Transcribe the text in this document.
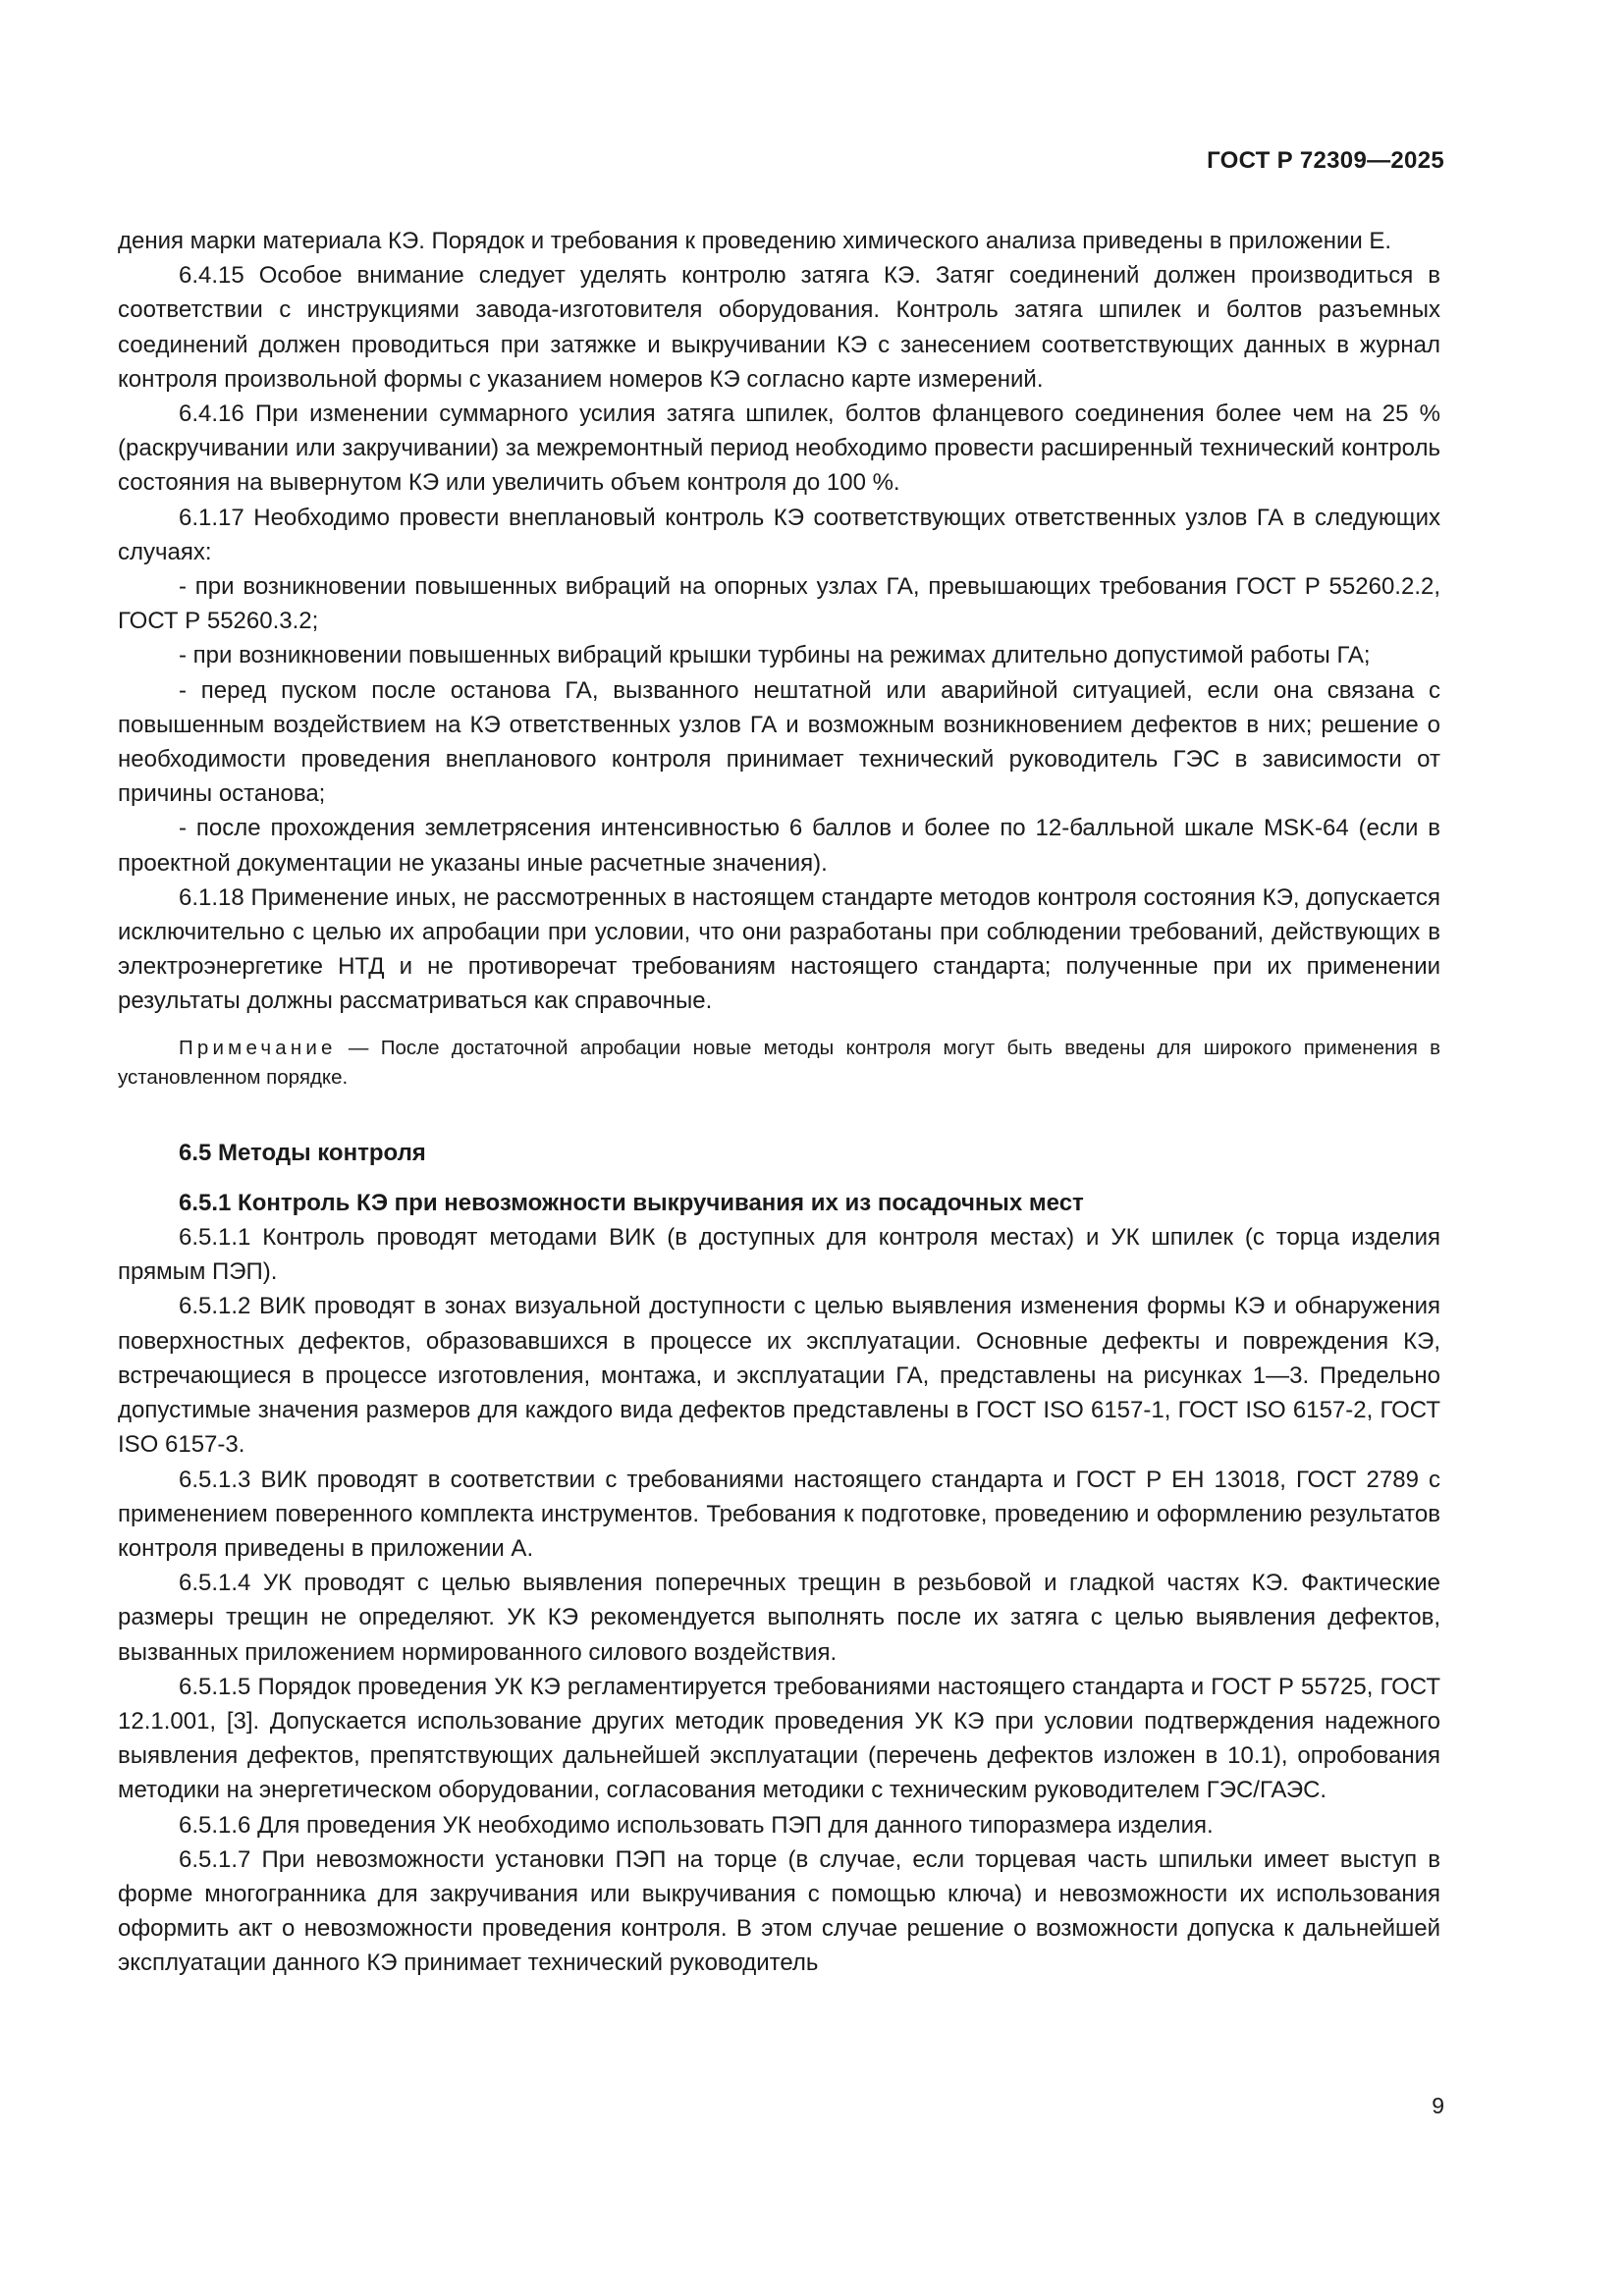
ГОСТ Р 72309—2025

дения марки материала КЭ. Порядок и требования к проведению химического анализа приведены в приложении Е.

6.4.15 Особое внимание следует уделять контролю затяга КЭ. Затяг соединений должен производиться в соответствии с инструкциями завода-изготовителя оборудования. Контроль затяга шпилек и болтов разъемных соединений должен проводиться при затяжке и выкручивании КЭ с занесением соответствующих данных в журнал контроля произвольной формы с указанием номеров КЭ согласно карте измерений.

6.4.16 При изменении суммарного усилия затяга шпилек, болтов фланцевого соединения более чем на 25 % (раскручивании или закручивании) за межремонтный период необходимо провести расширенный технический контроль состояния на вывернутом КЭ или увеличить объем контроля до 100 %.

6.1.17 Необходимо провести внеплановый контроль КЭ соответствующих ответственных узлов ГА в следующих случаях:

- при возникновении повышенных вибраций на опорных узлах ГА, превышающих требования ГОСТ Р 55260.2.2, ГОСТ Р 55260.3.2;

- при возникновении повышенных вибраций крышки турбины на режимах длительно допустимой работы ГА;

- перед пуском после останова ГА, вызванного нештатной или аварийной ситуацией, если она связана с повышенным воздействием на КЭ ответственных узлов ГА и возможным возникновением дефектов в них; решение о необходимости проведения внепланового контроля принимает технический руководитель ГЭС в зависимости от причины останова;

- после прохождения землетрясения интенсивностью 6 баллов и более по 12-балльной шкале MSK-64 (если в проектной документации не указаны иные расчетные значения).

6.1.18 Применение иных, не рассмотренных в настоящем стандарте методов контроля состояния КЭ, допускается исключительно с целью их апробации при условии, что они разработаны при соблюдении требований, действующих в электроэнергетике НТД и не противоречат требованиям настоящего стандарта; полученные при их применении результаты должны рассматриваться как справочные.

Примечание — После достаточной апробации новые методы контроля могут быть введены для широкого применения в установленном порядке.

6.5 Методы контроля

6.5.1 Контроль КЭ при невозможности выкручивания их из посадочных мест

6.5.1.1 Контроль проводят методами ВИК (в доступных для контроля местах) и УК шпилек (с торца изделия прямым ПЭП).

6.5.1.2 ВИК проводят в зонах визуальной доступности с целью выявления изменения формы КЭ и обнаружения поверхностных дефектов, образовавшихся в процессе их эксплуатации. Основные дефекты и повреждения КЭ, встречающиеся в процессе изготовления, монтажа, и эксплуатации ГА, представлены на рисунках 1—3. Предельно допустимые значения размеров для каждого вида дефектов представлены в ГОСТ ISO 6157-1, ГОСТ ISO 6157-2, ГОСТ ISO 6157-3.

6.5.1.3 ВИК проводят в соответствии с требованиями настоящего стандарта и ГОСТ Р ЕН 13018, ГОСТ 2789 с применением поверенного комплекта инструментов. Требования к подготовке, проведению и оформлению результатов контроля приведены в приложении А.

6.5.1.4 УК проводят с целью выявления поперечных трещин в резьбовой и гладкой частях КЭ. Фактические размеры трещин не определяют. УК КЭ рекомендуется выполнять после их затяга с целью выявления дефектов, вызванных приложением нормированного силового воздействия.

6.5.1.5 Порядок проведения УК КЭ регламентируется требованиями настоящего стандарта и ГОСТ Р 55725, ГОСТ 12.1.001, [3]. Допускается использование других методик проведения УК КЭ при условии подтверждения надежного выявления дефектов, препятствующих дальнейшей эксплуатации (перечень дефектов изложен в 10.1), опробования методики на энергетическом оборудовании, согласования методики с техническим руководителем ГЭС/ГАЭС.

6.5.1.6 Для проведения УК необходимо использовать ПЭП для данного типоразмера изделия.

6.5.1.7 При невозможности установки ПЭП на торце (в случае, если торцевая часть шпильки имеет выступ в форме многогранника для закручивания или выкручивания с помощью ключа) и невозможности их использования оформить акт о невозможности проведения контроля. В этом случае решение о возможности допуска к дальнейшей эксплуатации данного КЭ принимает технический руководитель

9
